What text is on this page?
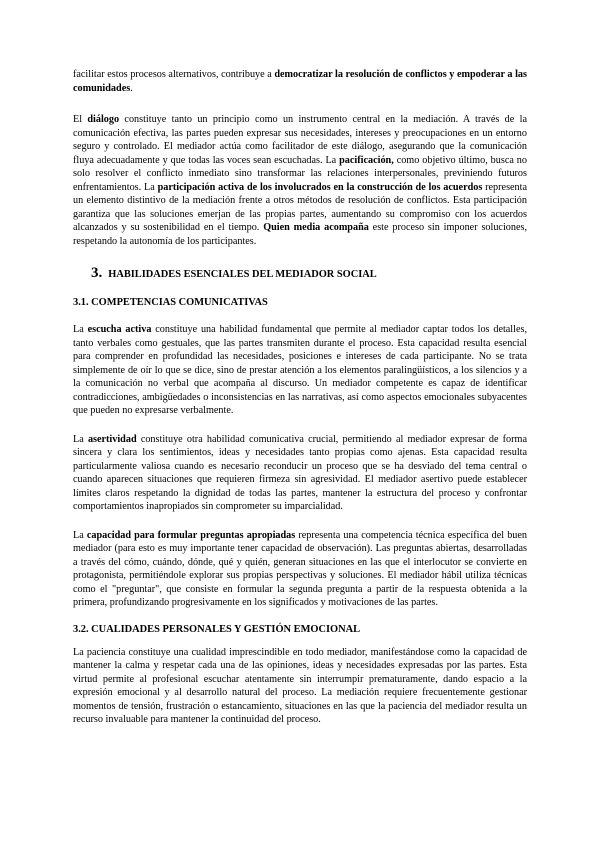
facilitar estos procesos alternativos, contribuye a democratizar la resolución de conflictos y empoderar a las comunidades.

El diálogo constituye tanto un principio como un instrumento central en la mediación. A través de la comunicación efectiva, las partes pueden expresar sus necesidades, intereses y preocupaciones en un entorno seguro y controlado. El mediador actúa como facilitador de este diálogo, asegurando que la comunicación fluya adecuadamente y que todas las voces sean escuchadas. La pacificación, como objetivo último, busca no solo resolver el conflicto inmediato sino transformar las relaciones interpersonales, previniendo futuros enfrentamientos. La participación activa de los involucrados en la construcción de los acuerdos representa un elemento distintivo de la mediación frente a otros métodos de resolución de conflictos. Esta participación garantiza que las soluciones emerjan de las propias partes, aumentando su compromiso con los acuerdos alcanzados y su sostenibilidad en el tiempo. Quien media acompaña este proceso sin imponer soluciones, respetando la autonomía de los participantes.

3. HABILIDADES ESENCIALES DEL MEDIADOR SOCIAL
3.1. COMPETENCIAS COMUNICATIVAS

La escucha activa constituye una habilidad fundamental que permite al mediador captar todos los detalles, tanto verbales como gestuales, que las partes transmiten durante el proceso. Esta capacidad resulta esencial para comprender en profundidad las necesidades, posiciones e intereses de cada participante. No se trata simplemente de oír lo que se dice, sino de prestar atención a los elementos paralingüísticos, a los silencios y a la comunicación no verbal que acompaña al discurso. Un mediador competente es capaz de identificar contradicciones, ambigüedades o inconsistencias en las narrativas, así como aspectos emocionales subyacentes que pueden no expresarse verbalmente.

La asertividad constituye otra habilidad comunicativa crucial, permitiendo al mediador expresar de forma sincera y clara los sentimientos, ideas y necesidades tanto propias como ajenas. Esta capacidad resulta particularmente valiosa cuando es necesario reconducir un proceso que se ha desviado del tema central o cuando aparecen situaciones que requieren firmeza sin agresividad. El mediador asertivo puede establecer límites claros respetando la dignidad de todas las partes, mantener la estructura del proceso y confrontar comportamientos inapropiados sin comprometer su imparcialidad.

La capacidad para formular preguntas apropiadas representa una competencia técnica específica del buen mediador (para esto es muy importante tener capacidad de observación). Las preguntas abiertas, desarrolladas a través del cómo, cuándo, dónde, qué y quién, generan situaciones en las que el interlocutor se convierte en protagonista, permitiéndole explorar sus propias perspectivas y soluciones. El mediador hábil utiliza técnicas como el "preguntar", que consiste en formular la segunda pregunta a partir de la respuesta obtenida a la primera, profundizando progresivamente en los significados y motivaciones de las partes.

3.2. CUALIDADES PERSONALES Y GESTIÓN EMOCIONAL

La paciencia constituye una cualidad imprescindible en todo mediador, manifestándose como la capacidad de mantener la calma y respetar cada una de las opiniones, ideas y necesidades expresadas por las partes. Esta virtud permite al profesional escuchar atentamente sin interrumpir prematuramente, dando espacio a la expresión emocional y al desarrollo natural del proceso. La mediación requiere frecuentemente gestionar momentos de tensión, frustración o estancamiento, situaciones en las que la paciencia del mediador resulta un recurso invaluable para mantener la continuidad del proceso.
